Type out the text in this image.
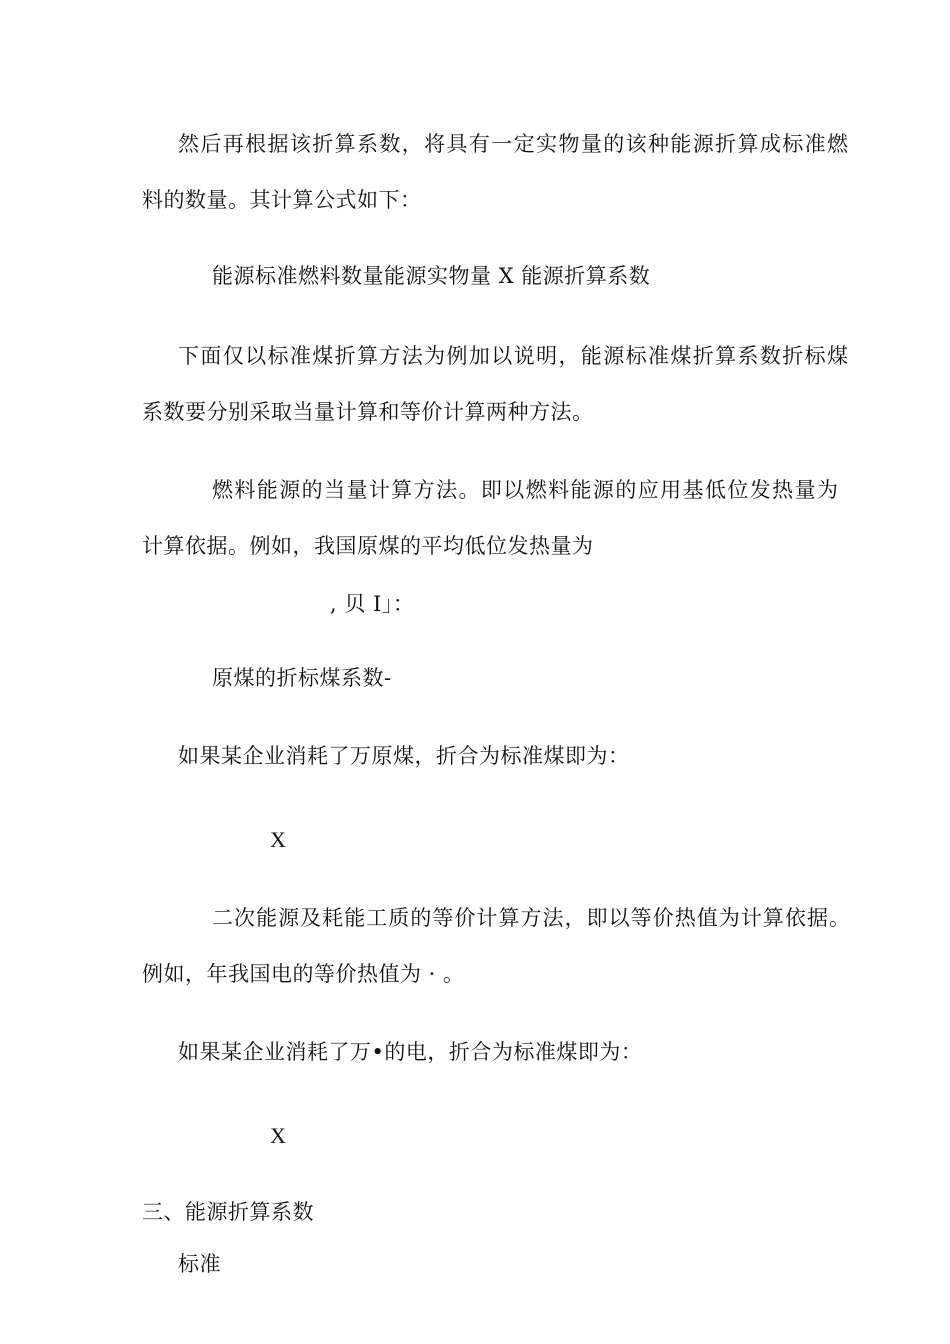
然后再根据该折算系数，将具有一定实物量的该种能源折算成标准燃
料的数量。其计算公式如下：
能源标准燃料数量能源实物量 X 能源折算系数
下面仅以标准煤折算方法为例加以说明，能源标准煤折算系数折标煤
系数要分别采取当量计算和等价计算两种方法。
燃料能源的当量计算方法。即以燃料能源的应用基低位发热量为
计算依据。例如，我国原煤的平均低位发热量为
, 贝 I」：
原煤的折标煤系数-
如果某企业消耗了万原煤，折合为标准煤即为：
X
二次能源及耗能工质的等价计算方法，即以等价热值为计算依据。
例如，年我国电的等价热值为 · 。
如果某企业消耗了万•的电，折合为标准煤即为：
X
三、能源折算系数
标准
